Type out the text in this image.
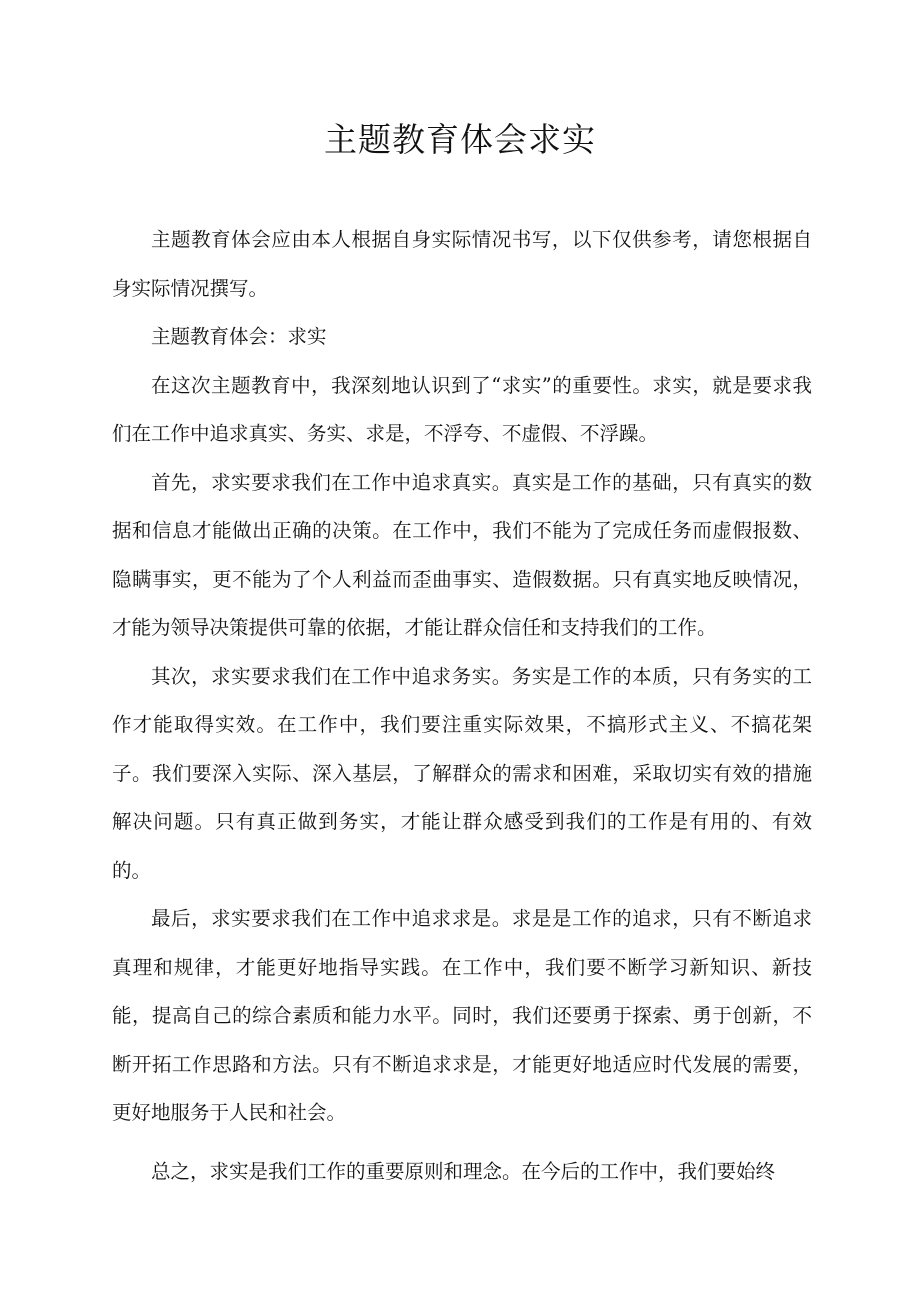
主题教育体会求实

主题教育体会应由本人根据自身实际情况书写，以下仅供参考，请您根据自身实际情况撰写。

主题教育体会：求实

在这次主题教育中，我深刻地认识到了“求实”的重要性。求实，就是要求我们在工作中追求真实、务实、求是，不浮夸、不虚假、不浮躁。

首先，求实要求我们在工作中追求真实。真实是工作的基础，只有真实的数据和信息才能做出正确的决策。在工作中，我们不能为了完成任务而虚假报数、隐瞒事实，更不能为了个人利益而歪曲事实、造假数据。只有真实地反映情况，才能为领导决策提供可靠的依据，才能让群众信任和支持我们的工作。

其次，求实要求我们在工作中追求务实。务实是工作的本质，只有务实的工作才能取得实效。在工作中，我们要注重实际效果，不搞形式主义、不搞花架子。我们要深入实际、深入基层，了解群众的需求和困难，采取切实有效的措施解决问题。只有真正做到务实，才能让群众感受到我们的工作是有用的、有效的。

最后，求实要求我们在工作中追求求是。求是是工作的追求，只有不断追求真理和规律，才能更好地指导实践。在工作中，我们要不断学习新知识、新技能，提高自己的综合素质和能力水平。同时，我们还要勇于探索、勇于创新，不断开拓工作思路和方法。只有不断追求求是，才能更好地适应时代发展的需要，更好地服务于人民和社会。

总之，求实是我们工作的重要原则和理念。在今后的工作中，我们要始终
